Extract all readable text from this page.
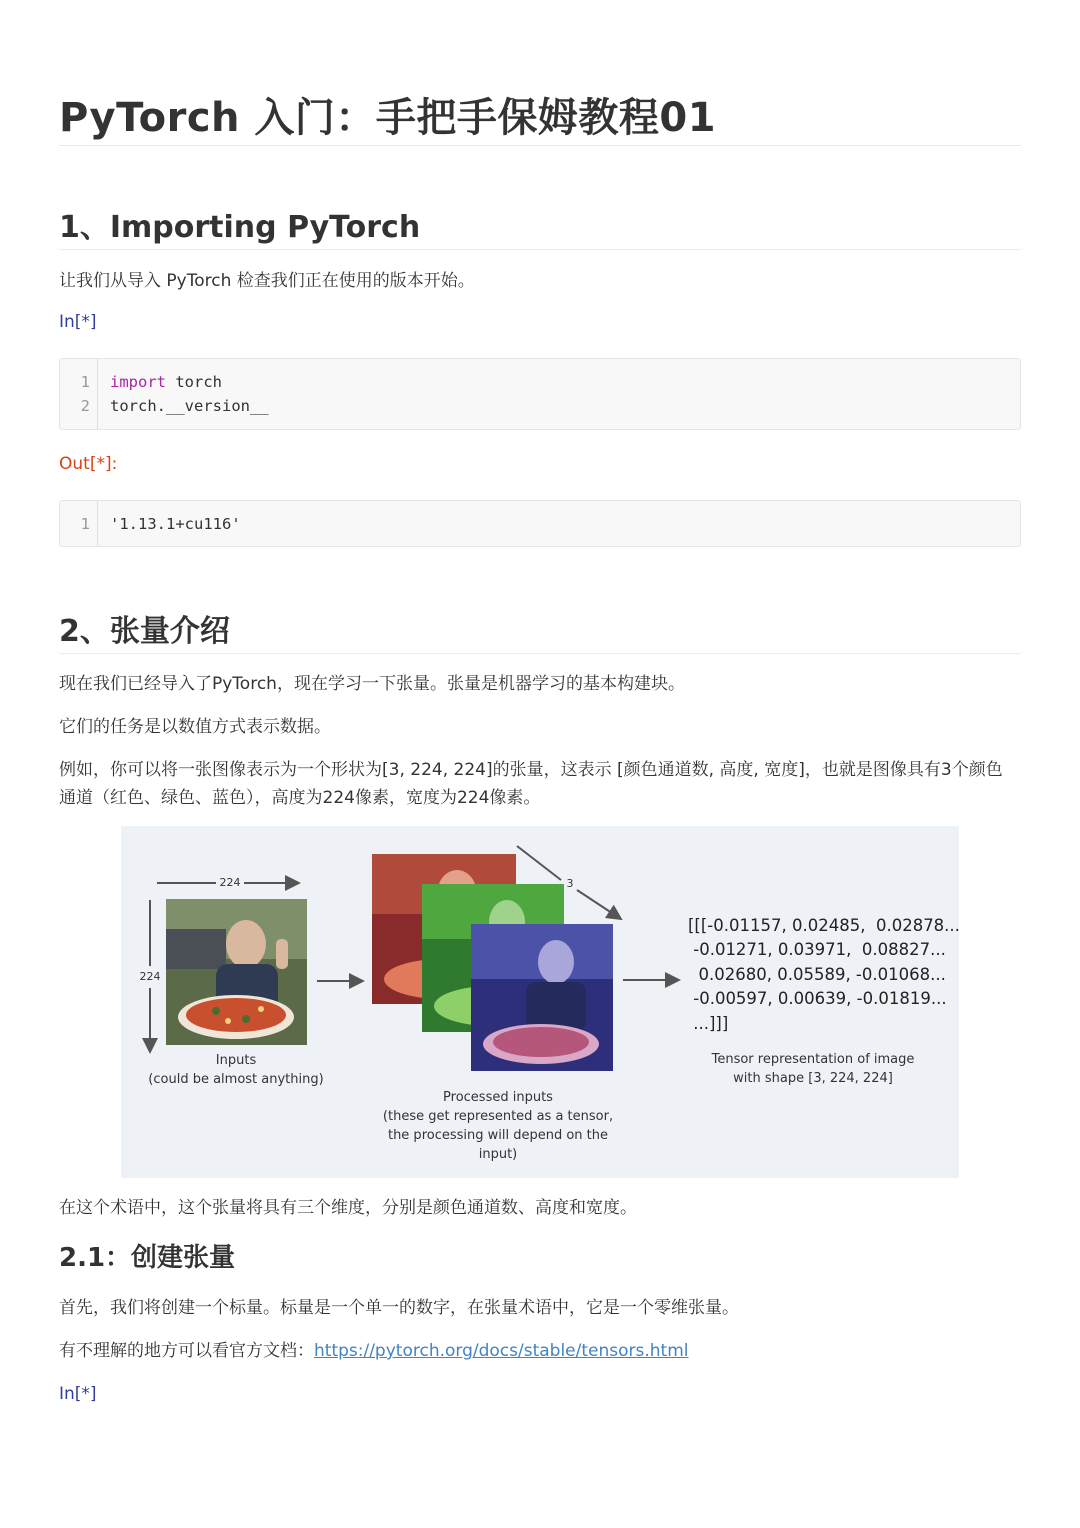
PyTorch 入门：手把手保姆教程01
1、Importing PyTorch
让我们从导入 PyTorch 检查我们正在使用的版本开始。
In[*]
1 import torch
2 torch.__version__
Out[*]:
1 '1.13.1+cu116'
2、张量介绍
现在我们已经导入了PyTorch，现在学习一下张量。张量是机器学习的基本构建块。
它们的任务是以数值方式表示数据。
例如，你可以将一张图像表示为一个形状为[3, 224, 224]的张量，这表示 [颜色通道数, 高度, 宽度]，也就是图像具有3个颜色
通道（红色、绿色、蓝色），高度为224像素，宽度为224像素。
224
224
3
Inputs
(could be almost anything)
Processed inputs
(these get represented as a tensor,
the processing will depend on the
input)
[[[-0.01157, 0.02485,  0.02878...
-0.01271, 0.03971,  0.08827...
0.02680, 0.05589, -0.01068...
-0.00597, 0.00639, -0.01819...
...]]]
Tensor representation of image
with shape [3, 224, 224]
在这个术语中，这个张量将具有三个维度，分别是颜色通道数、高度和宽度。
2.1：创建张量
首先，我们将创建一个标量。标量是一个单一的数字，在张量术语中，它是一个零维张量。
有不理解的地方可以看官方文档：https://pytorch.org/docs/stable/tensors.html
In[*]
